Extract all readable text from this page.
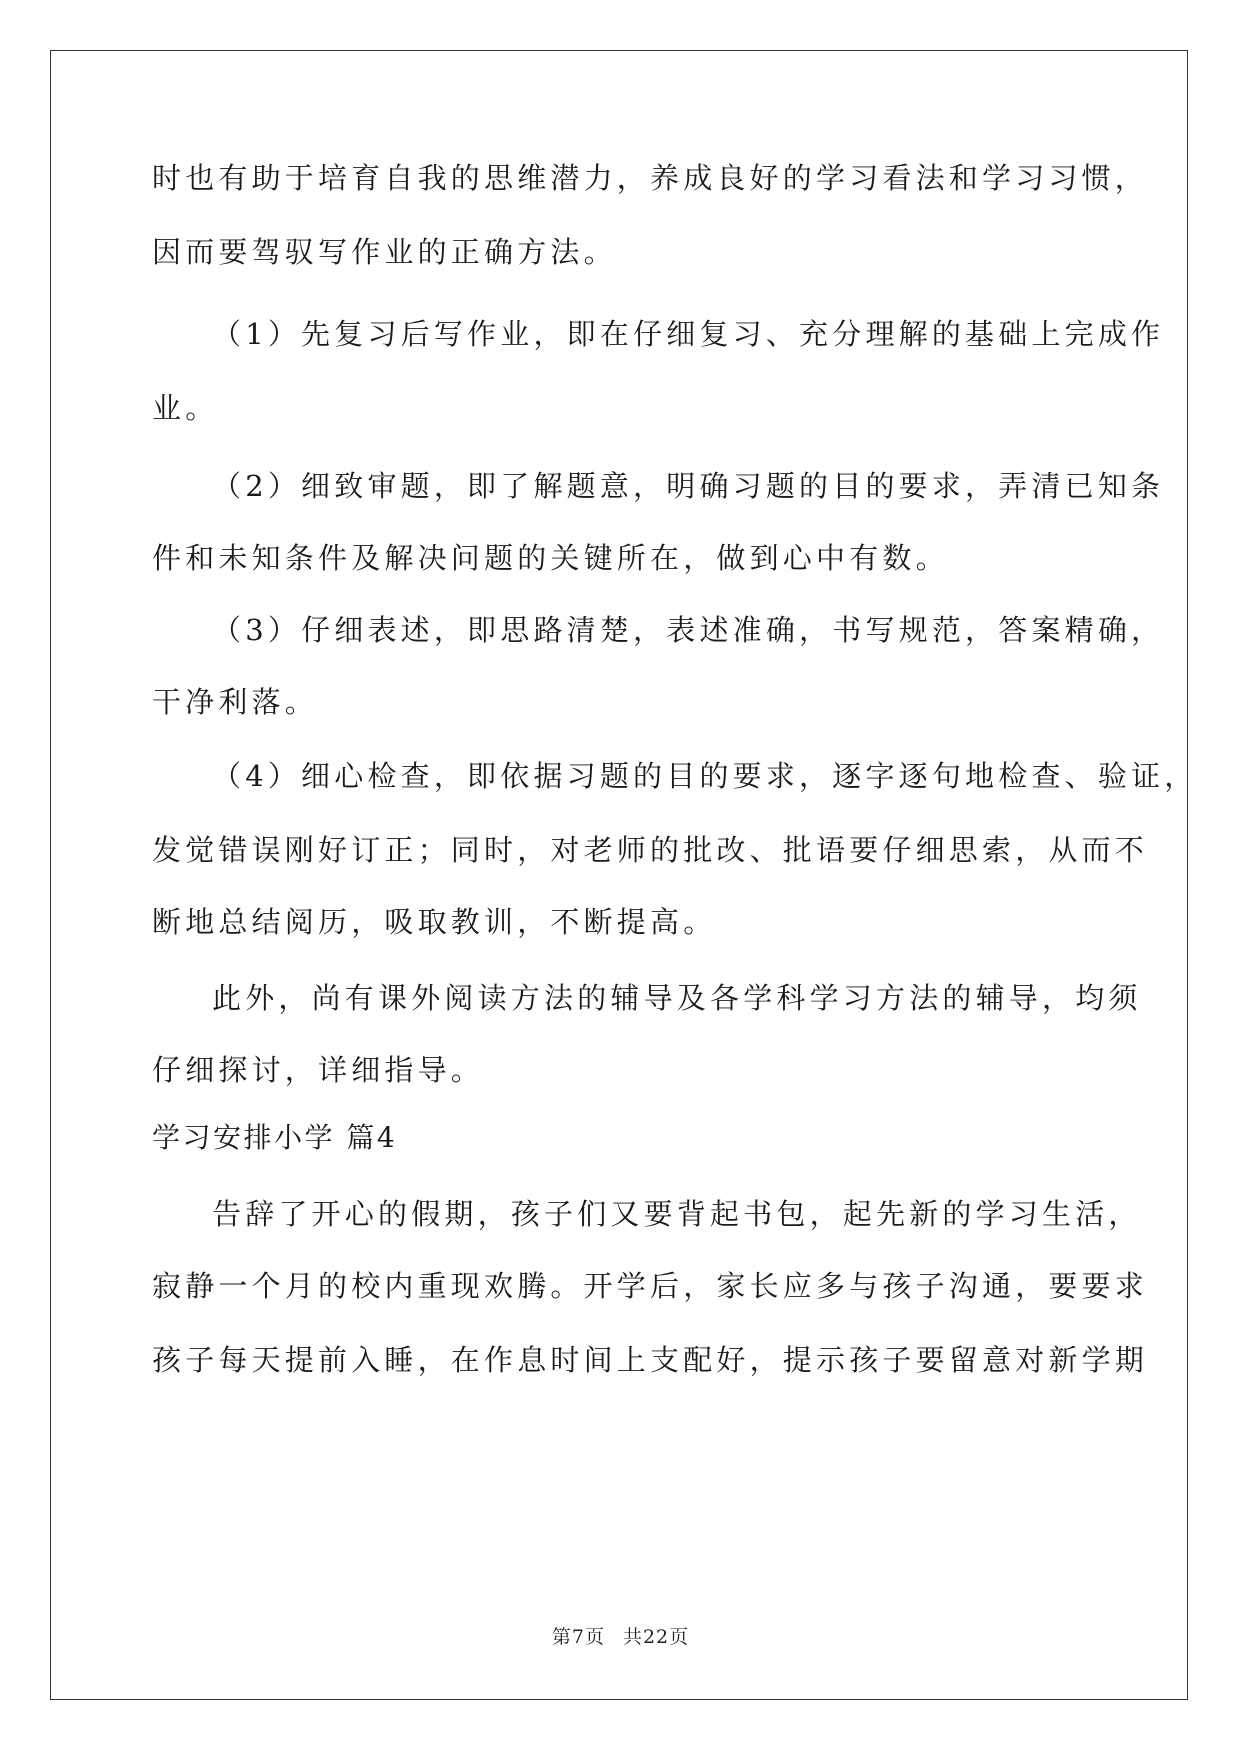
时也有助于培育自我的思维潜力，养成良好的学习看法和学习习惯，
因而要驾驭写作业的正确方法。
（1）先复习后写作业，即在仔细复习、充分理解的基础上完成作
业。
（2）细致审题，即了解题意，明确习题的目的要求，弄清已知条
件和未知条件及解决问题的关键所在，做到心中有数。
（3）仔细表述，即思路清楚，表述准确，书写规范，答案精确，
干净利落。
（4）细心检查，即依据习题的目的要求，逐字逐句地检查、验证，
发觉错误刚好订正；同时，对老师的批改、批语要仔细思索，从而不
断地总结阅历，吸取教训，不断提高。
此外，尚有课外阅读方法的辅导及各学科学习方法的辅导，均须
仔细探讨，详细指导。
学习安排小学 篇4
告辞了开心的假期，孩子们又要背起书包，起先新的学习生活，
寂静一个月的校内重现欢腾。开学后，家长应多与孩子沟通，要要求
孩子每天提前入睡，在作息时间上支配好，提示孩子要留意对新学期
第7页 共22页
